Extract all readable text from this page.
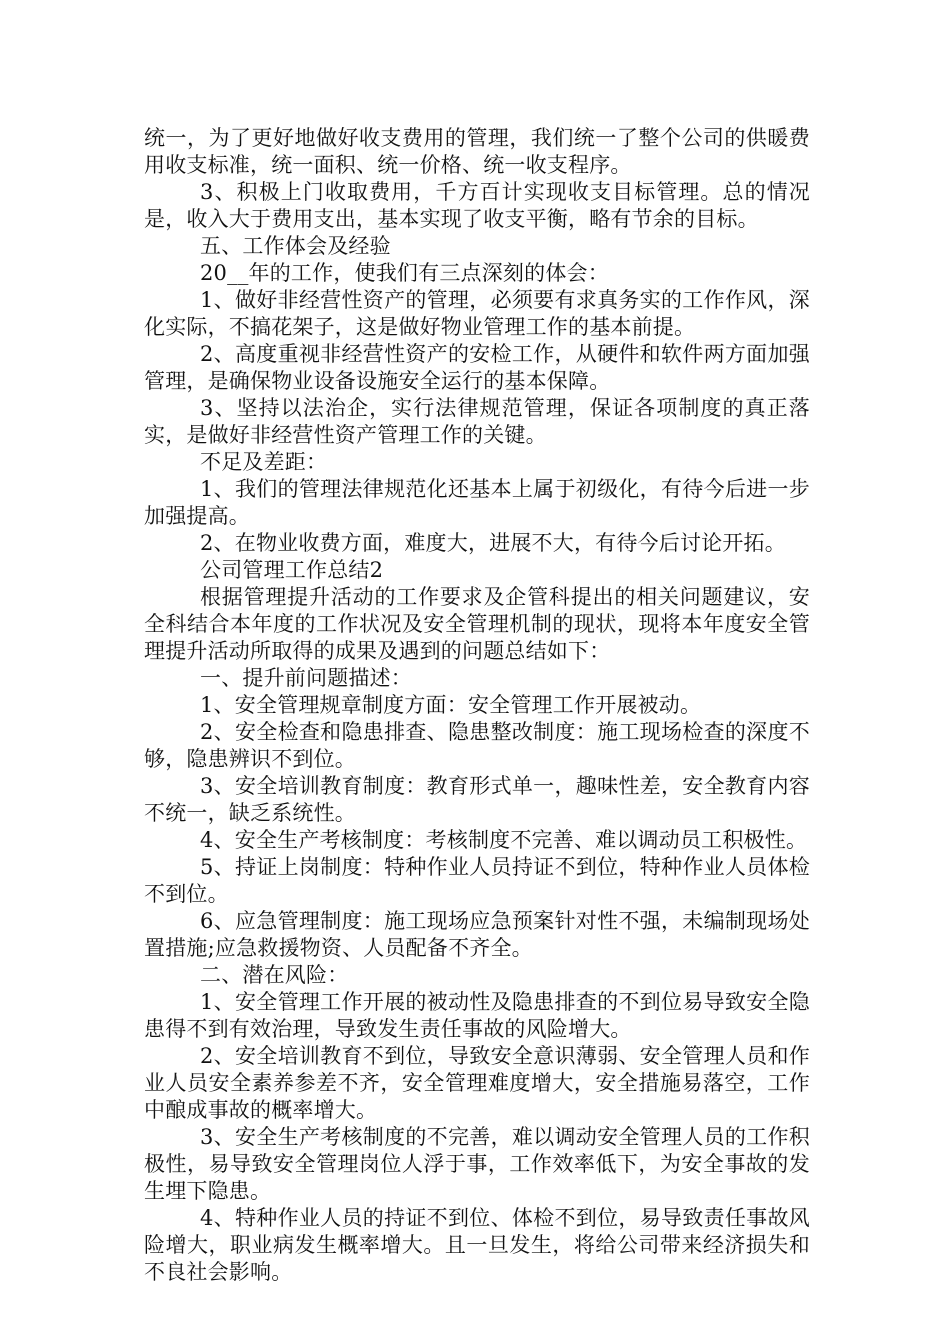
统一，为了更好地做好收支费用的管理，我们统一了整个公司的供暖费用收支标准，统一面积、统一价格、统一收支程序。

3、积极上门收取费用，千方百计实现收支目标管理。总的情况是，收入大于费用支出，基本实现了收支平衡，略有节余的目标。

五、工作体会及经验

20__年的工作，使我们有三点深刻的体会：

1、做好非经营性资产的管理，必须要有求真务实的工作作风，深化实际，不搞花架子，这是做好物业管理工作的基本前提。

2、高度重视非经营性资产的安检工作，从硬件和软件两方面加强管理，是确保物业设备设施安全运行的基本保障。

3、坚持以法治企，实行法律规范管理，保证各项制度的真正落实，是做好非经营性资产管理工作的关键。

不足及差距：

1、我们的管理法律规范化还基本上属于初级化，有待今后进一步加强提高。

2、在物业收费方面，难度大，进展不大，有待今后讨论开拓。

公司管理工作总结2

根据管理提升活动的工作要求及企管科提出的相关问题建议，安全科结合本年度的工作状况及安全管理机制的现状，现将本年度安全管理提升活动所取得的成果及遇到的问题总结如下：

一、提升前问题描述：

1、安全管理规章制度方面：安全管理工作开展被动。

2、安全检查和隐患排查、隐患整改制度：施工现场检查的深度不够，隐患辨识不到位。

3、安全培训教育制度：教育形式单一，趣味性差，安全教育内容不统一，缺乏系统性。

4、安全生产考核制度：考核制度不完善、难以调动员工积极性。

5、持证上岗制度：特种作业人员持证不到位，特种作业人员体检不到位。

6、应急管理制度：施工现场应急预案针对性不强，未编制现场处置措施;应急救援物资、人员配备不齐全。

二、潜在风险：

1、安全管理工作开展的被动性及隐患排查的不到位易导致安全隐患得不到有效治理，导致发生责任事故的风险增大。

2、安全培训教育不到位，导致安全意识薄弱、安全管理人员和作业人员安全素养参差不齐，安全管理难度增大，安全措施易落空，工作中酿成事故的概率增大。

3、安全生产考核制度的不完善，难以调动安全管理人员的工作积极性，易导致安全管理岗位人浮于事，工作效率低下，为安全事故的发生埋下隐患。

4、特种作业人员的持证不到位、体检不到位，易导致责任事故风险增大，职业病发生概率增大。且一旦发生，将给公司带来经济损失和不良社会影响。
